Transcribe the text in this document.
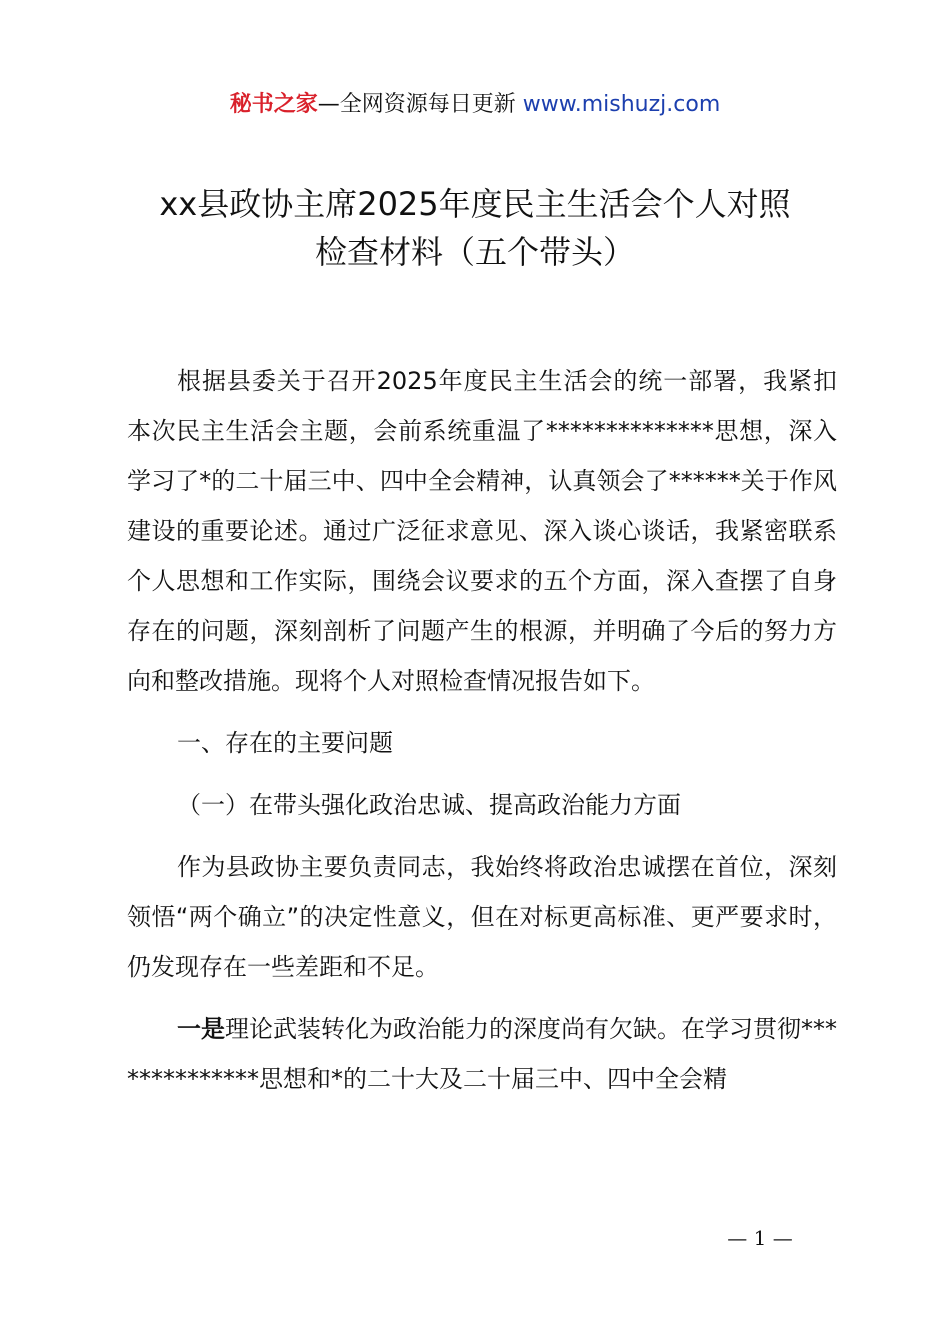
秘书之家—全网资源每日更新 www.mishuzj.com
xx县政协主席2025年度民主生活会个人对照
检查材料（五个带头）

根据县委关于召开2025年度民主生活会的统一部署，我紧扣本次民主生活会主题，会前系统重温了**************思想，深入学习了*的二十届三中、四中全会精神，认真领会了******关于作风建设的重要论述。通过广泛征求意见、深入谈心谈话，我紧密联系个人思想和工作实际，围绕会议要求的五个方面，深入查摆了自身存在的问题，深刻剖析了问题产生的根源，并明确了今后的努力方向和整改措施。现将个人对照检查情况报告如下。

一、存在的主要问题

（一）在带头强化政治忠诚、提高政治能力方面

作为县政协主要负责同志，我始终将政治忠诚摆在首位，深刻领悟“两个确立”的决定性意义，但在对标更高标准、更严要求时，仍发现存在一些差距和不足。

一是理论武装转化为政治能力的深度尚有欠缺。在学习贯彻**************思想和*的二十大及二十届三中、四中全会精

— 1 —
